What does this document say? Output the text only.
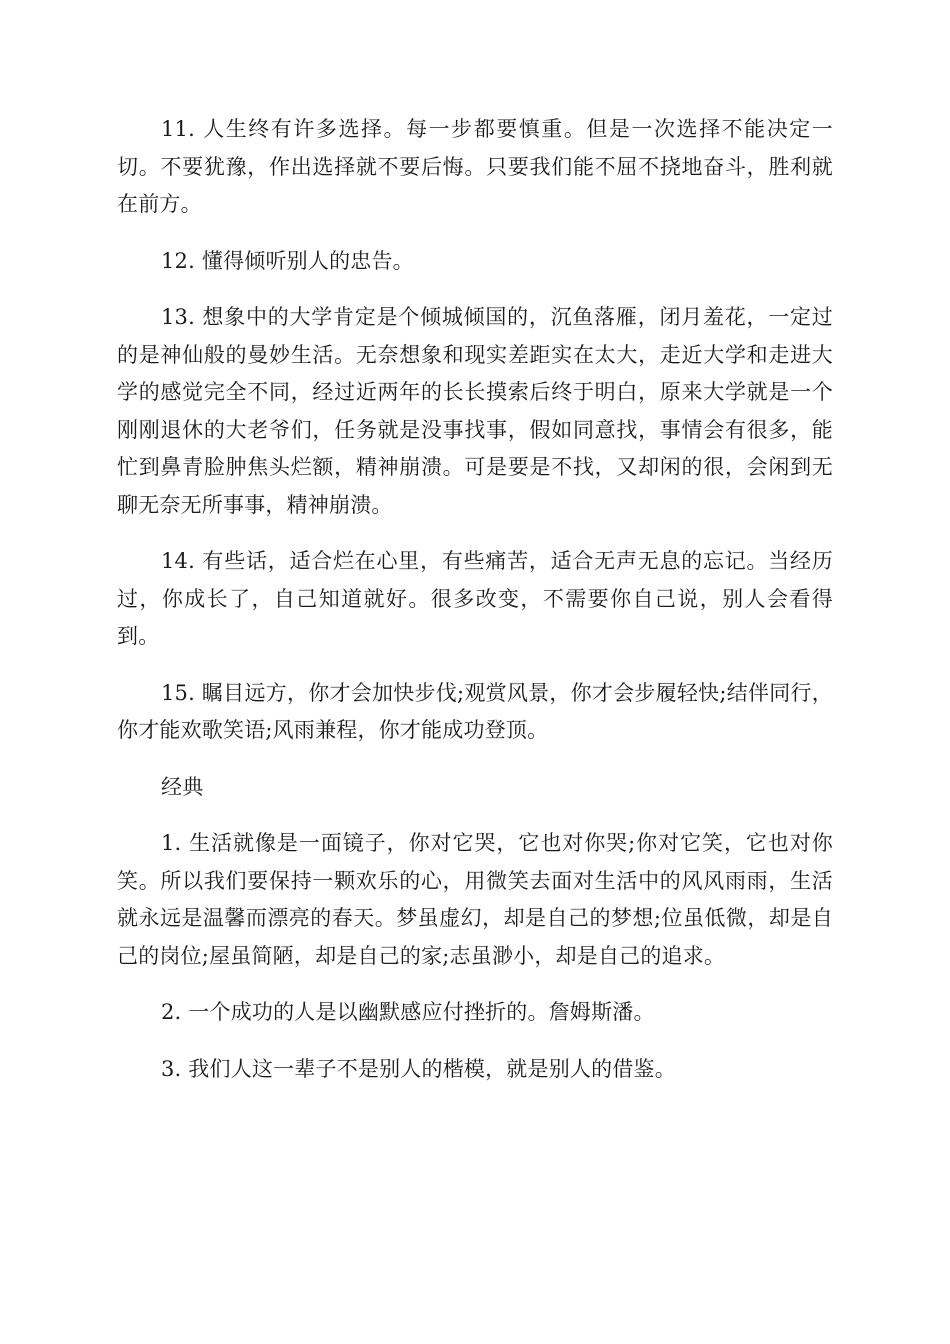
11. 人生终有许多选择。每一步都要慎重。但是一次选择不能决定一切。不要犹豫，作出选择就不要后悔。只要我们能不屈不挠地奋斗，胜利就在前方。

12. 懂得倾听别人的忠告。

13. 想象中的大学肯定是个倾城倾国的，沉鱼落雁，闭月羞花，一定过的是神仙般的曼妙生活。无奈想象和现实差距实在太大，走近大学和走进大学的感觉完全不同，经过近两年的长长摸索后终于明白，原来大学就是一个刚刚退休的大老爷们，任务就是没事找事，假如同意找，事情会有很多，能忙到鼻青脸肿焦头烂额，精神崩溃。可是要是不找，又却闲的很，会闲到无聊无奈无所事事，精神崩溃。

14. 有些话，适合烂在心里，有些痛苦，适合无声无息的忘记。当经历过，你成长了，自己知道就好。很多改变，不需要你自己说，别人会看得到。

15. 瞩目远方，你才会加快步伐;观赏风景，你才会步履轻快;结伴同行，你才能欢歌笑语;风雨兼程，你才能成功登顶。

经典

1. 生活就像是一面镜子，你对它哭，它也对你哭;你对它笑，它也对你笑。所以我们要保持一颗欢乐的心，用微笑去面对生活中的风风雨雨，生活就永远是温馨而漂亮的春天。梦虽虚幻，却是自己的梦想;位虽低微，却是自己的岗位;屋虽简陋，却是自己的家;志虽渺小，却是自己的追求。

2. 一个成功的人是以幽默感应付挫折的。詹姆斯潘。

3. 我们人这一辈子不是别人的楷模，就是别人的借鉴。
